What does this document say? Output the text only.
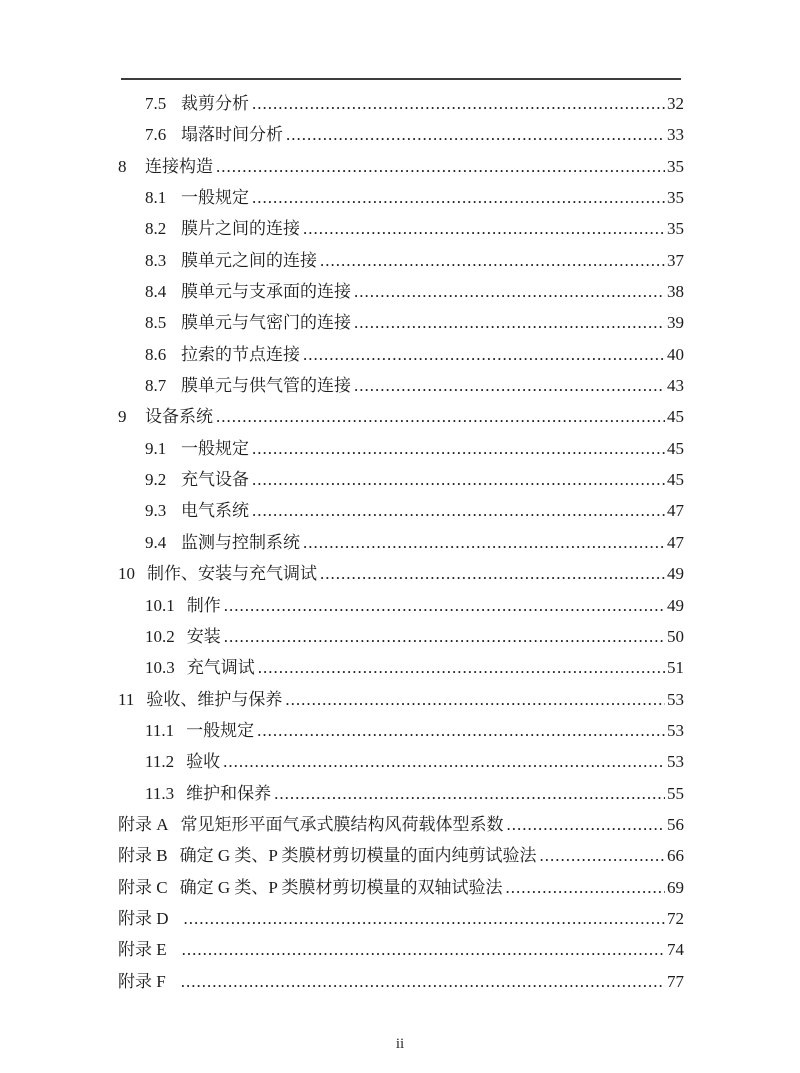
7.5 裁剪分析 .....	32
7.6 塌落时间分析 .....	33
8	连接构造 .....	35
8.1 一般规定 .....	35
8.2 膜片之间的连接 .....	35
8.3 膜单元之间的连接 .....	37
8.4 膜单元与支承面的连接 .....	38
8.5 膜单元与气密门的连接 .....	39
8.6 拉索的节点连接 .....	40
8.7 膜单元与供气管的连接 .....	43
9	设备系统 .....	45
9.1 一般规定 .....	45
9.2 充气设备 .....	45
9.3 电气系统 .....	47
9.4 监测与控制系统 .....	47
10 制作、安装与充气调试 .....	49
10.1 制作 .....	49
10.2 安装 .....	50
10.3 充气调试 .....	51
11 验收、维护与保养 .....	53
11.1 一般规定 .....	53
11.2 验收 .....	53
11.3 维护和保养 .....	55
附录 A 常见矩形平面气承式膜结构风荷载体型系数 .....	56
附录 B 确定 G 类、P 类膜材剪切模量的面内纯剪试验法 .....	66
附录 C 确定 G 类、P 类膜材剪切模量的双轴试验法 .....	69
附录 D .....	72
附录 E .....	74
附录 F .....	77
ii
